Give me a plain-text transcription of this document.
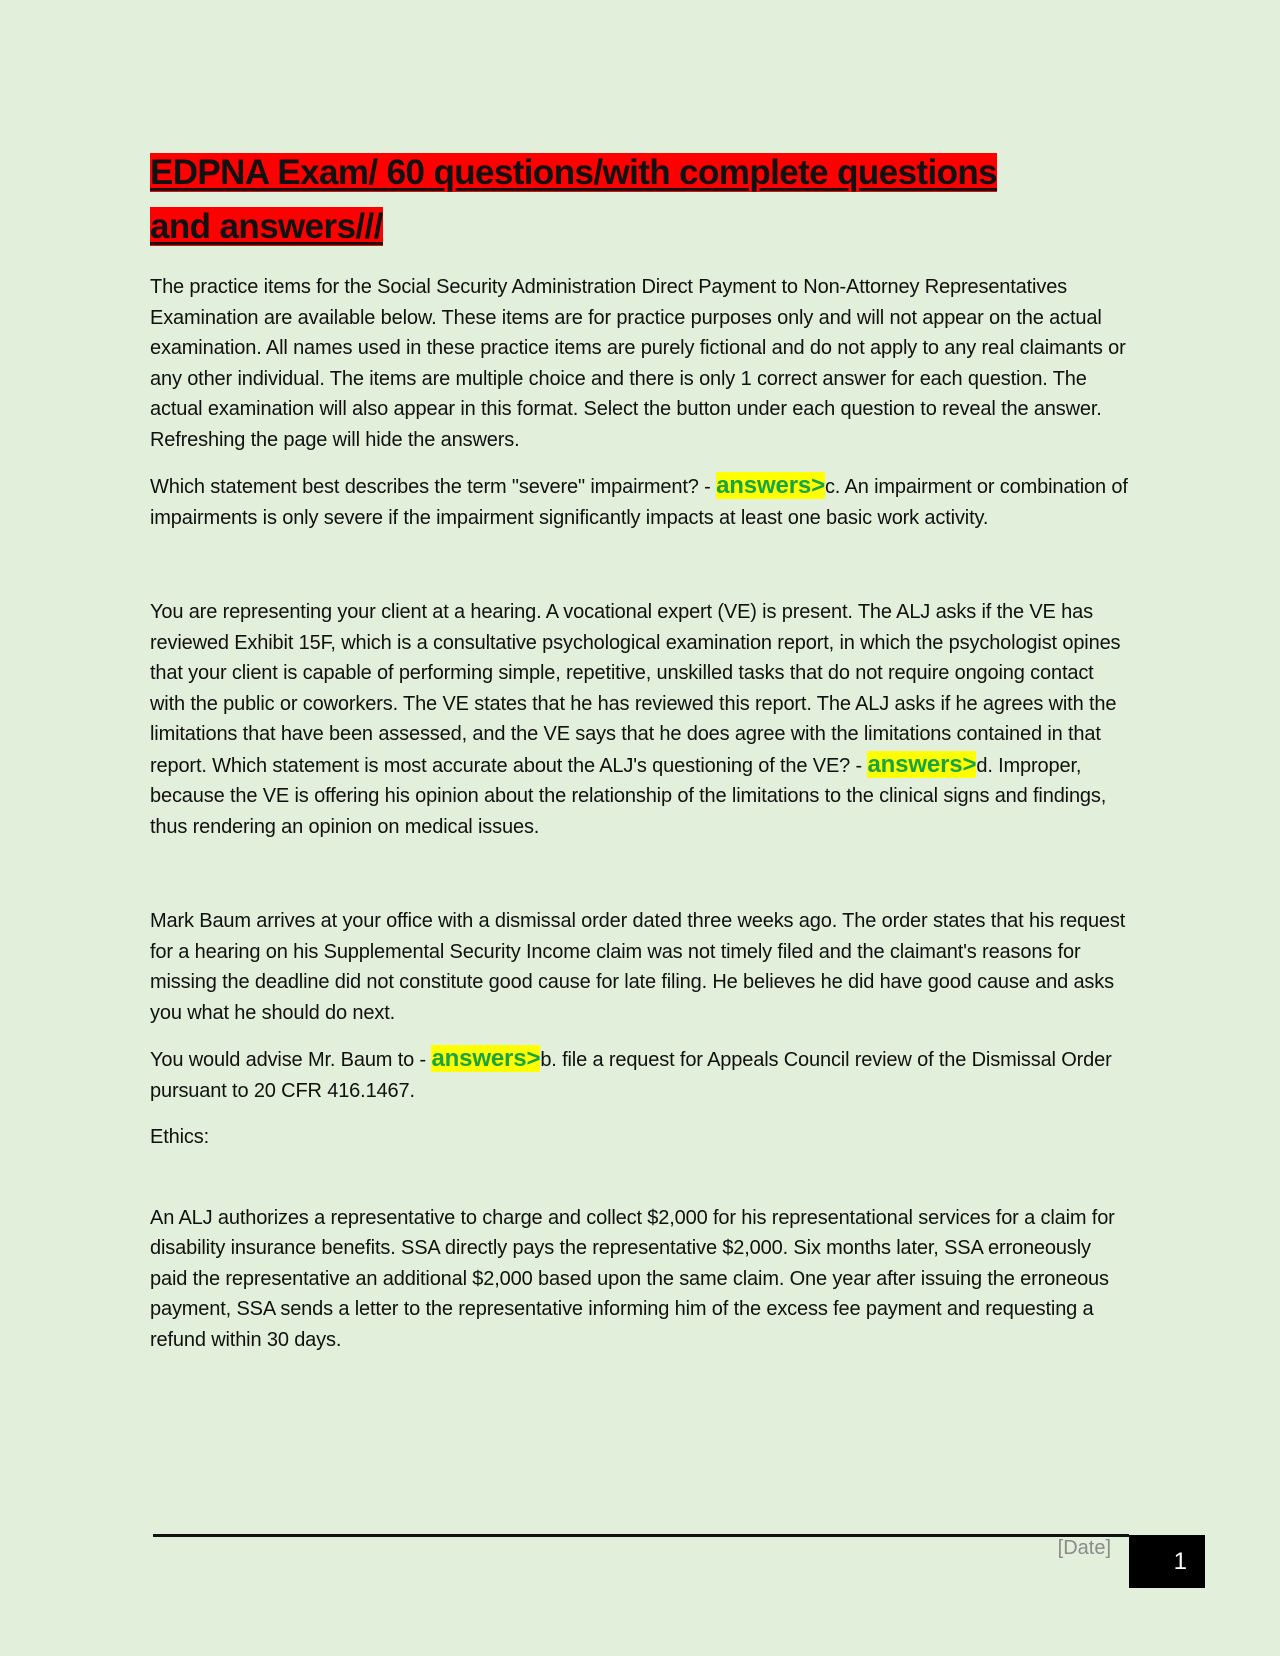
EDPNA Exam/ 60 questions/with complete questions
and answers///

The practice items for the Social Security Administration Direct Payment to Non-Attorney Representatives Examination are available below. These items are for practice purposes only and will not appear on the actual examination. All names used in these practice items are purely fictional and do not apply to any real claimants or any other individual. The items are multiple choice and there is only 1 correct answer for each question. The actual examination will also appear in this format. Select the button under each question to reveal the answer. Refreshing the page will hide the answers.

Which statement best describes the term "severe" impairment? - answers>c. An impairment or combination of impairments is only severe if the impairment significantly impacts at least one basic work activity.

You are representing your client at a hearing. A vocational expert (VE) is present. The ALJ asks if the VE has reviewed Exhibit 15F, which is a consultative psychological examination report, in which the psychologist opines that your client is capable of performing simple, repetitive, unskilled tasks that do not require ongoing contact with the public or coworkers. The VE states that he has reviewed this report. The ALJ asks if he agrees with the limitations that have been assessed, and the VE says that he does agree with the limitations contained in that report. Which statement is most accurate about the ALJ's questioning of the VE? - answers>d. Improper, because the VE is offering his opinion about the relationship of the limitations to the clinical signs and findings, thus rendering an opinion on medical issues.

Mark Baum arrives at your office with a dismissal order dated three weeks ago. The order states that his request for a hearing on his Supplemental Security Income claim was not timely filed and the claimant's reasons for missing the deadline did not constitute good cause for late filing. He believes he did have good cause and asks you what he should do next.

You would advise Mr. Baum to - answers>b. file a request for Appeals Council review of the Dismissal Order pursuant to 20 CFR 416.1467.

Ethics:

An ALJ authorizes a representative to charge and collect $2,000 for his representational services for a claim for disability insurance benefits. SSA directly pays the representative $2,000. Six months later, SSA erroneously paid the representative an additional $2,000 based upon the same claim. One year after issuing the erroneous payment, SSA sends a letter to the representative informing him of the excess fee payment and requesting a refund within 30 days.

[Date]	1
